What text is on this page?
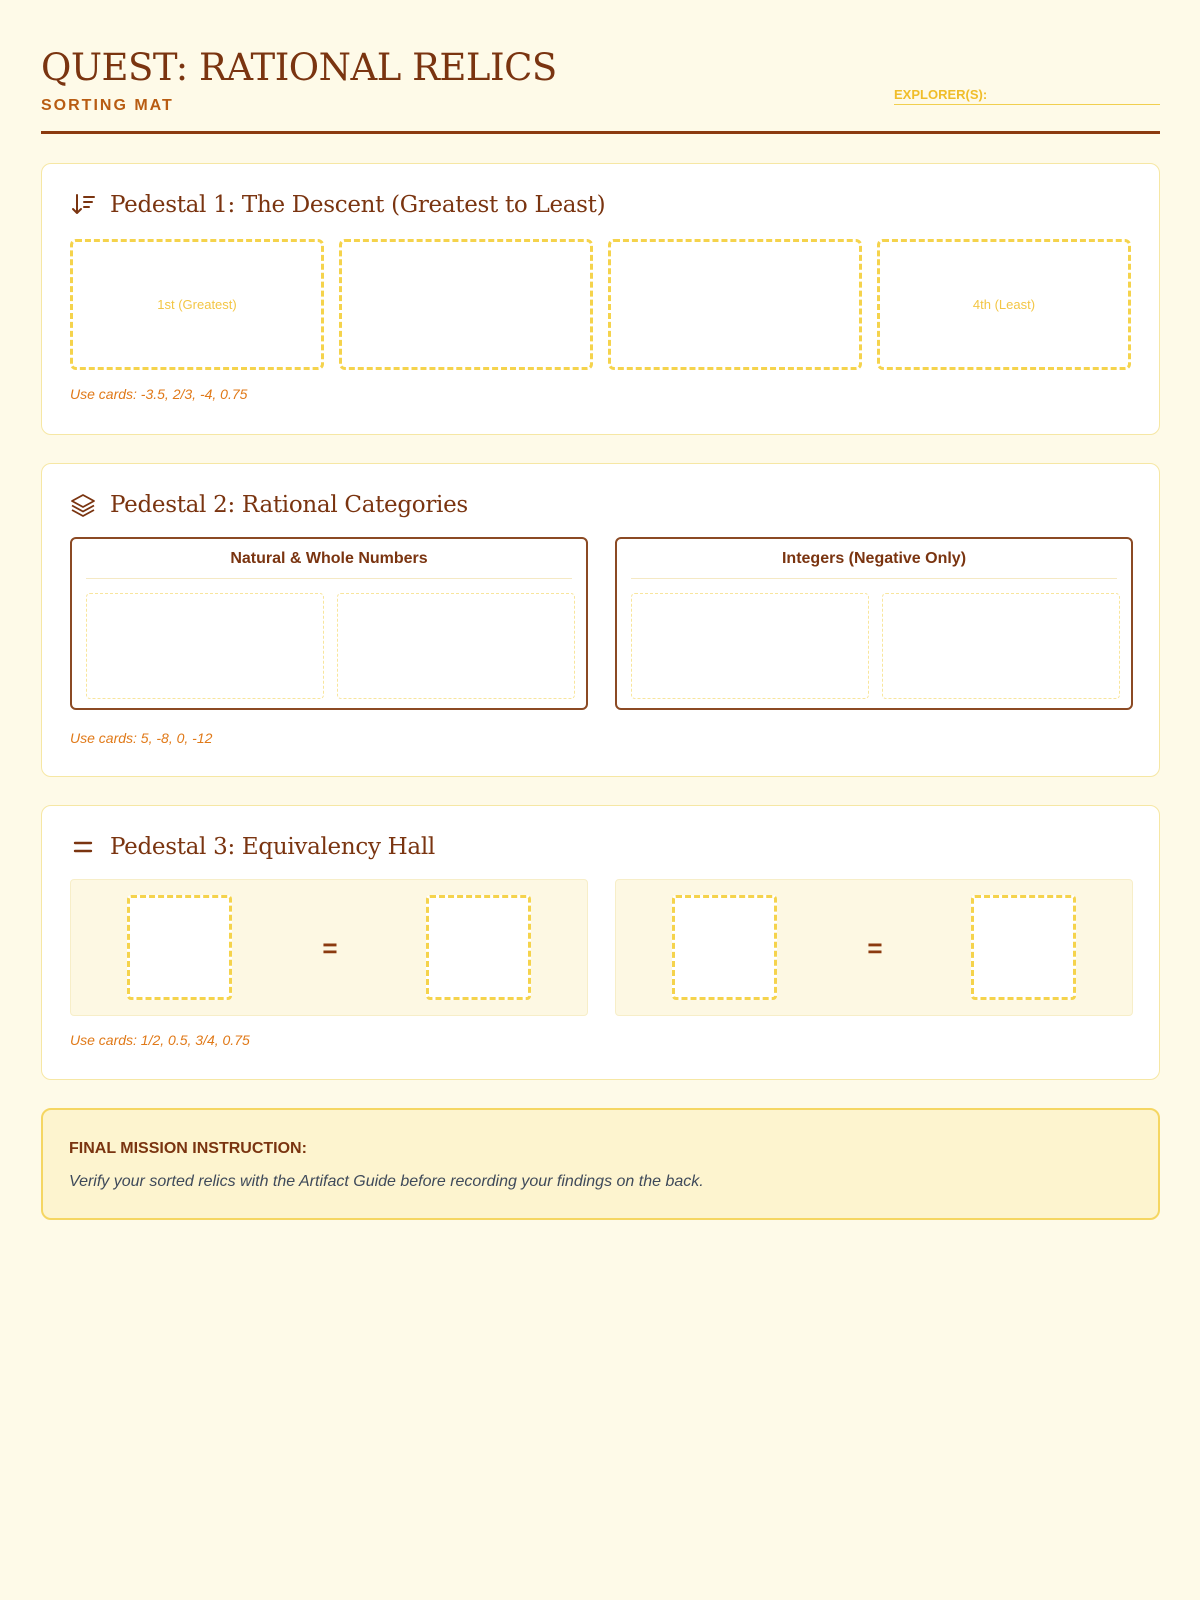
QUEST: RATIONAL RELICS
SORTING MAT
EXPLORER(S):
Pedestal 1: The Descent (Greatest to Least)
1st (Greatest)	4th (Least)
Use cards: -3.5, 2/3, -4, 0.75
Pedestal 2: Rational Categories
Natural & Whole Numbers	Integers (Negative Only)
Use cards: 5, -8, 0, -12
Pedestal 3: Equivalency Hall
=	=
Use cards: 1/2, 0.5, 3/4, 0.75
FINAL MISSION INSTRUCTION:
Verify your sorted relics with the Artifact Guide before recording your findings on the back.
